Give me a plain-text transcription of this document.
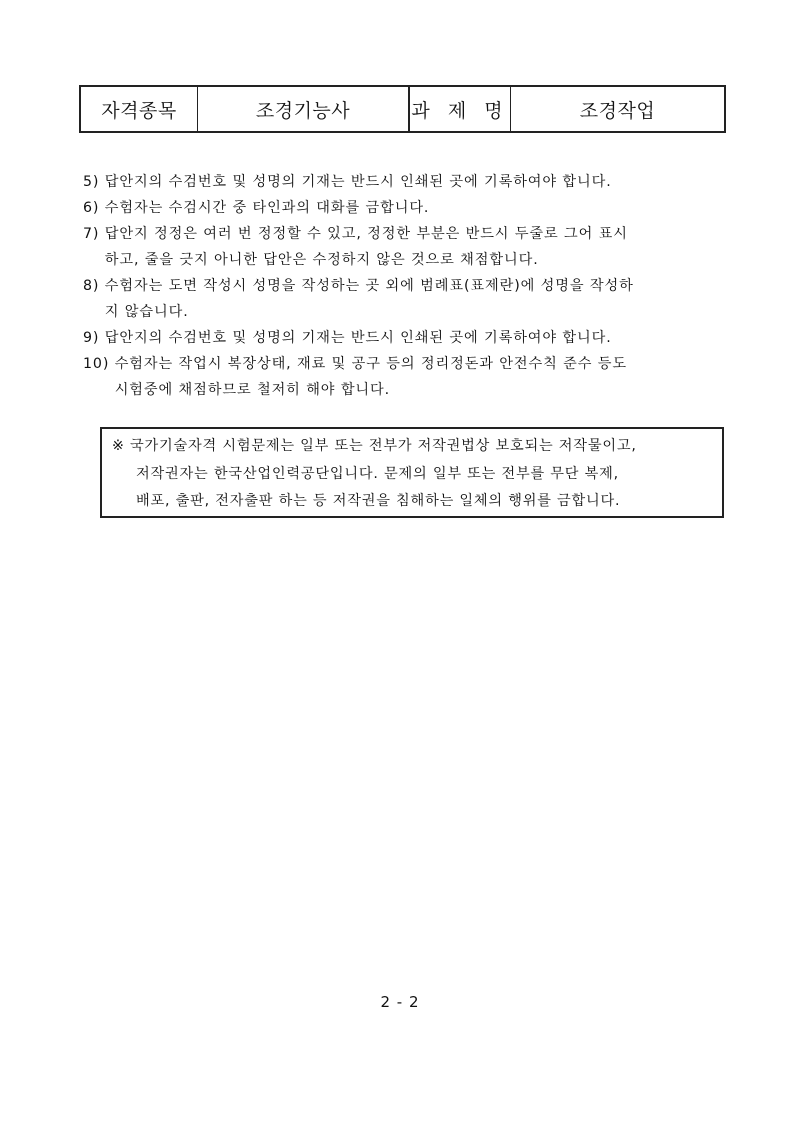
자격종목	조경기능사	과 제 명	조경작업
5) 답안지의 수검번호 및 성명의 기재는 반드시 인쇄된 곳에 기록하여야 합니다.
6) 수험자는 수검시간 중 타인과의 대화를 금합니다.
7) 답안지 정정은 여러 번 정정할 수 있고, 정정한 부분은 반드시 두줄로 그어 표시
하고, 줄을 긋지 아니한 답안은 수정하지 않은 것으로 채점합니다.
8) 수험자는 도면 작성시 성명을 작성하는 곳 외에 범례표(표제란)에 성명을 작성하
지 않습니다.
9) 답안지의 수검번호 및 성명의 기재는 반드시 인쇄된 곳에 기록하여야 합니다.
10) 수험자는 작업시 복장상태, 재료 및 공구 등의 정리정돈과 안전수칙 준수 등도
시험중에 채점하므로 철저히 해야 합니다.
※ 국가기술자격 시험문제는 일부 또는 전부가 저작권법상 보호되는 저작물이고,
저작권자는 한국산업인력공단입니다. 문제의 일부 또는 전부를 무단 복제,
배포, 출판, 전자출판 하는 등 저작권을 침해하는 일체의 행위를 금합니다.
2 - 2
